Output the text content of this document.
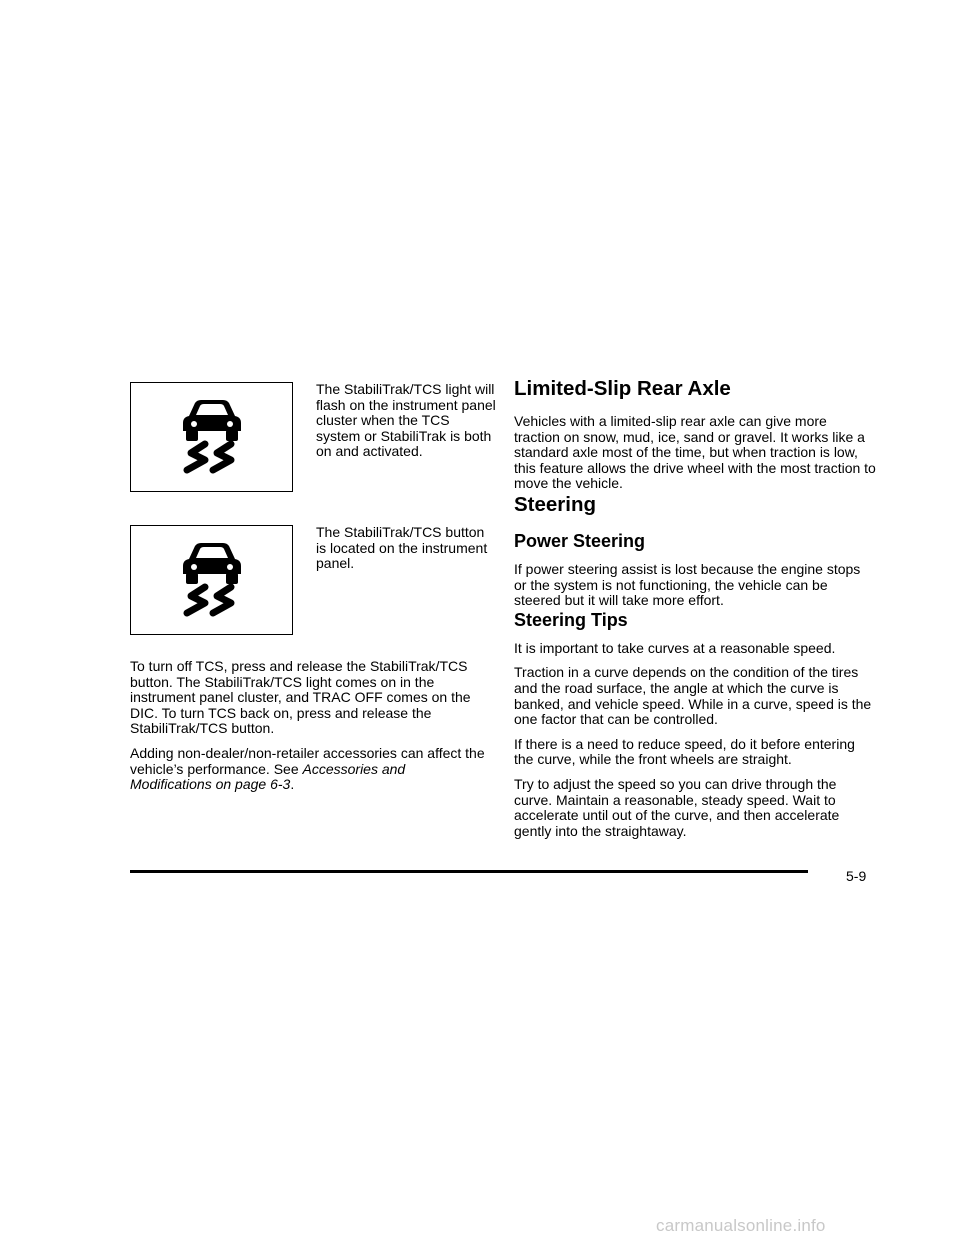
The StabiliTrak/TCS light will flash on the instrument panel cluster when the TCS system or StabiliTrak is both on and activated.

The StabiliTrak/TCS button is located on the instrument panel.

To turn off TCS, press and release the StabiliTrak/TCS button. The StabiliTrak/TCS light comes on in the instrument panel cluster, and TRAC OFF comes on the DIC. To turn TCS back on, press and release the StabiliTrak/TCS button.

Adding non-dealer/non-retailer accessories can affect the vehicle’s performance. See Accessories and Modifications on page 6-3.

Limited-Slip Rear Axle

Vehicles with a limited-slip rear axle can give more traction on snow, mud, ice, sand or gravel. It works like a standard axle most of the time, but when traction is low, this feature allows the drive wheel with the most traction to move the vehicle.

Steering
Power Steering

If power steering assist is lost because the engine stops or the system is not functioning, the vehicle can be steered but it will take more effort.

Steering Tips

It is important to take curves at a reasonable speed.

Traction in a curve depends on the condition of the tires and the road surface, the angle at which the curve is banked, and vehicle speed. While in a curve, speed is the one factor that can be controlled.

If there is a need to reduce speed, do it before entering the curve, while the front wheels are straight.

Try to adjust the speed so you can drive through the curve. Maintain a reasonable, steady speed. Wait to accelerate until out of the curve, and then accelerate gently into the straightaway.

5-9
carmanualsonline.info
